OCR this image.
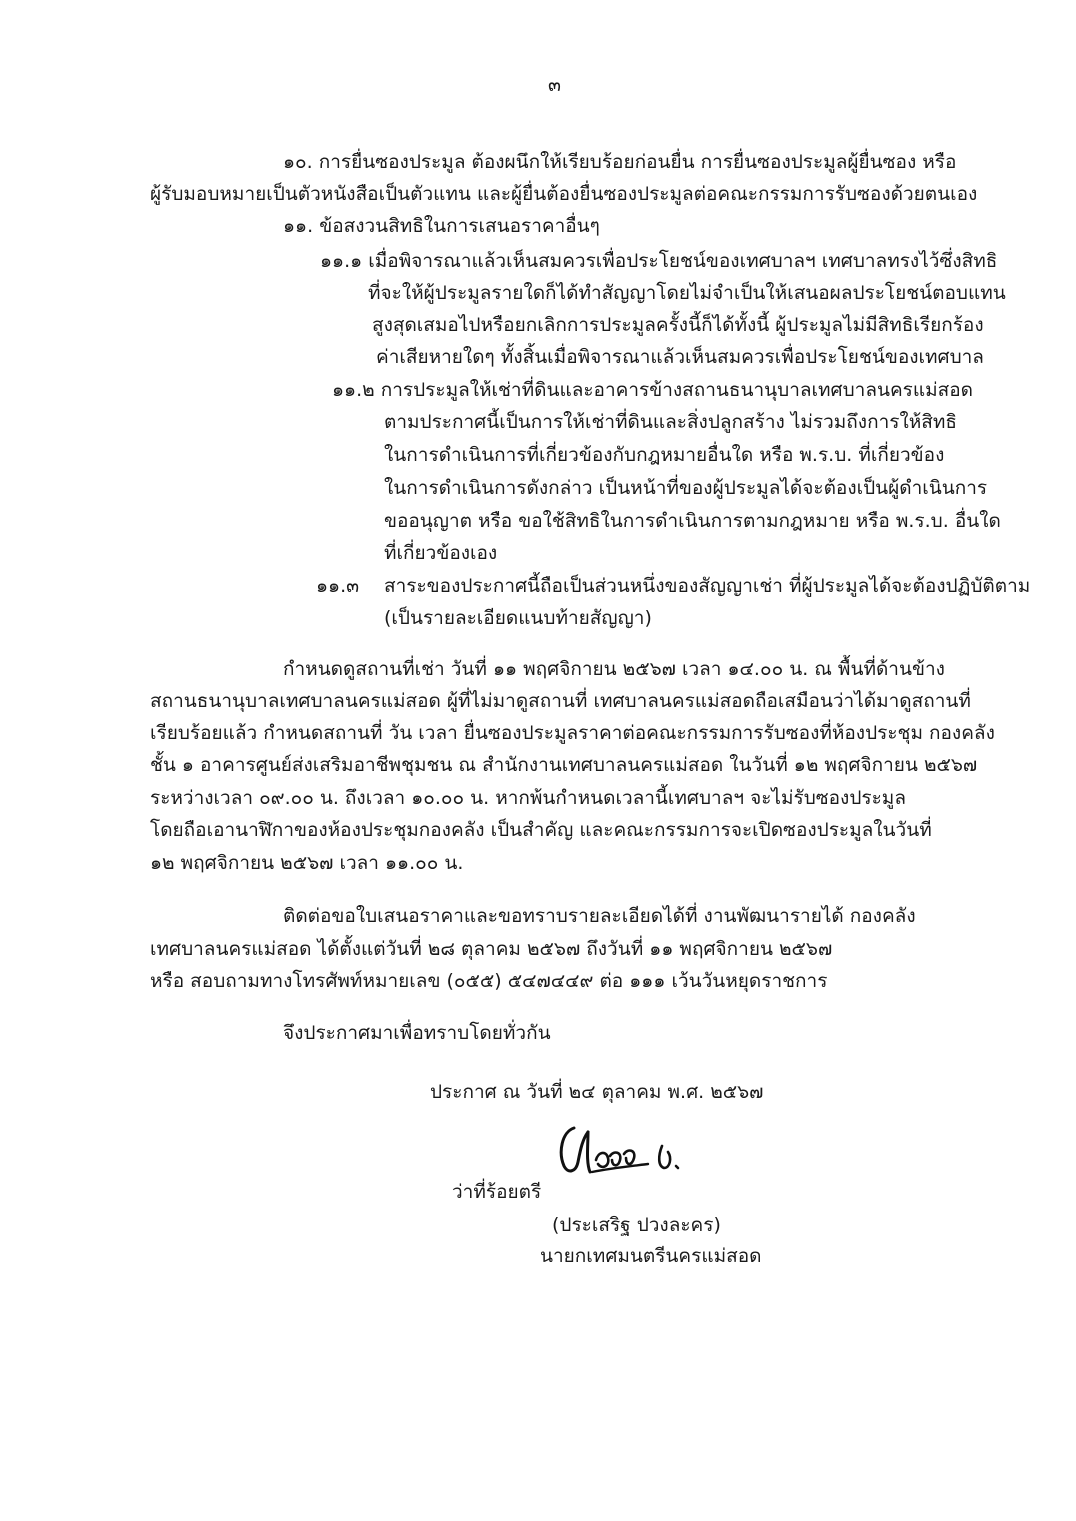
๓
๑๐. การยื่นซองประมูล ต้องผนึกให้เรียบร้อยก่อนยื่น การยื่นซองประมูลผู้ยื่นซอง หรือ
ผู้รับมอบหมายเป็นตัวหนังสือเป็นตัวแทน และผู้ยื่นต้องยื่นซองประมูลต่อคณะกรรมการรับซองด้วยตนเอง
๑๑. ข้อสงวนสิทธิในการเสนอราคาอื่นๆ
๑๑.๑ เมื่อพิจารณาแล้วเห็นสมควรเพื่อประโยชน์ของเทศบาลฯ เทศบาลทรงไว้ซึ่งสิทธิ
ที่จะให้ผู้ประมูลรายใดก็ได้ทำสัญญาโดยไม่จำเป็นให้เสนอผลประโยชน์ตอบแทน
สูงสุดเสมอไปหรือยกเลิกการประมูลครั้งนี้ก็ได้ทั้งนี้ ผู้ประมูลไม่มีสิทธิเรียกร้อง
ค่าเสียหายใดๆ ทั้งสิ้นเมื่อพิจารณาแล้วเห็นสมควรเพื่อประโยชน์ของเทศบาล
๑๑.๒ การประมูลให้เช่าที่ดินและอาคารข้างสถานธนานุบาลเทศบาลนครแม่สอด
ตามประกาศนี้เป็นการให้เช่าที่ดินและสิ่งปลูกสร้าง ไม่รวมถึงการให้สิทธิ
ในการดำเนินการที่เกี่ยวข้องกับกฎหมายอื่นใด หรือ พ.ร.บ. ที่เกี่ยวข้อง
ในการดำเนินการดังกล่าว เป็นหน้าที่ของผู้ประมูลได้จะต้องเป็นผู้ดำเนินการ
ขออนุญาต หรือ ขอใช้สิทธิในการดำเนินการตามกฎหมาย หรือ พ.ร.บ. อื่นใด
ที่เกี่ยวข้องเอง
๑๑.๓ สาระของประกาศนี้ถือเป็นส่วนหนึ่งของสัญญาเช่า ที่ผู้ประมูลได้จะต้องปฏิบัติตาม
(เป็นรายละเอียดแนบท้ายสัญญา)
กำหนดดูสถานที่เช่า วันที่ ๑๑ พฤศจิกายน ๒๕๖๗ เวลา ๑๔.๐๐ น. ณ พื้นที่ด้านข้าง
สถานธนานุบาลเทศบาลนครแม่สอด ผู้ที่ไม่มาดูสถานที่ เทศบาลนครแม่สอดถือเสมือนว่าได้มาดูสถานที่
เรียบร้อยแล้ว กำหนดสถานที่ วัน เวลา ยื่นซองประมูลราคาต่อคณะกรรมการรับซองที่ห้องประชุม กองคลัง
ชั้น ๑ อาคารศูนย์ส่งเสริมอาชีพชุมชน ณ สำนักงานเทศบาลนครแม่สอด ในวันที่ ๑๒ พฤศจิกายน ๒๕๖๗
ระหว่างเวลา ๐๙.๐๐ น. ถึงเวลา ๑๐.๐๐ น. หากพ้นกำหนดเวลานี้เทศบาลฯ จะไม่รับซองประมูล
โดยถือเอานาฬิกาของห้องประชุมกองคลัง เป็นสำคัญ และคณะกรรมการจะเปิดซองประมูลในวันที่
๑๒ พฤศจิกายน ๒๕๖๗ เวลา ๑๑.๐๐ น.
ติดต่อขอใบเสนอราคาและขอทราบรายละเอียดได้ที่ งานพัฒนารายได้ กองคลัง
เทศบาลนครแม่สอด ได้ตั้งแต่วันที่ ๒๘ ตุลาคม ๒๕๖๗ ถึงวันที่ ๑๑ พฤศจิกายน ๒๕๖๗
หรือ สอบถามทางโทรศัพท์หมายเลข (๐๕๕) ๕๔๗๔๔๙ ต่อ ๑๑๑ เว้นวันหยุดราชการ
จึงประกาศมาเพื่อทราบโดยทั่วกัน
ประกาศ ณ วันที่ ๒๔ ตุลาคม พ.ศ. ๒๕๖๗
ว่าที่ร้อยตรี
(ประเสริฐ ปวงละคร)
นายกเทศมนตรีนครแม่สอด
